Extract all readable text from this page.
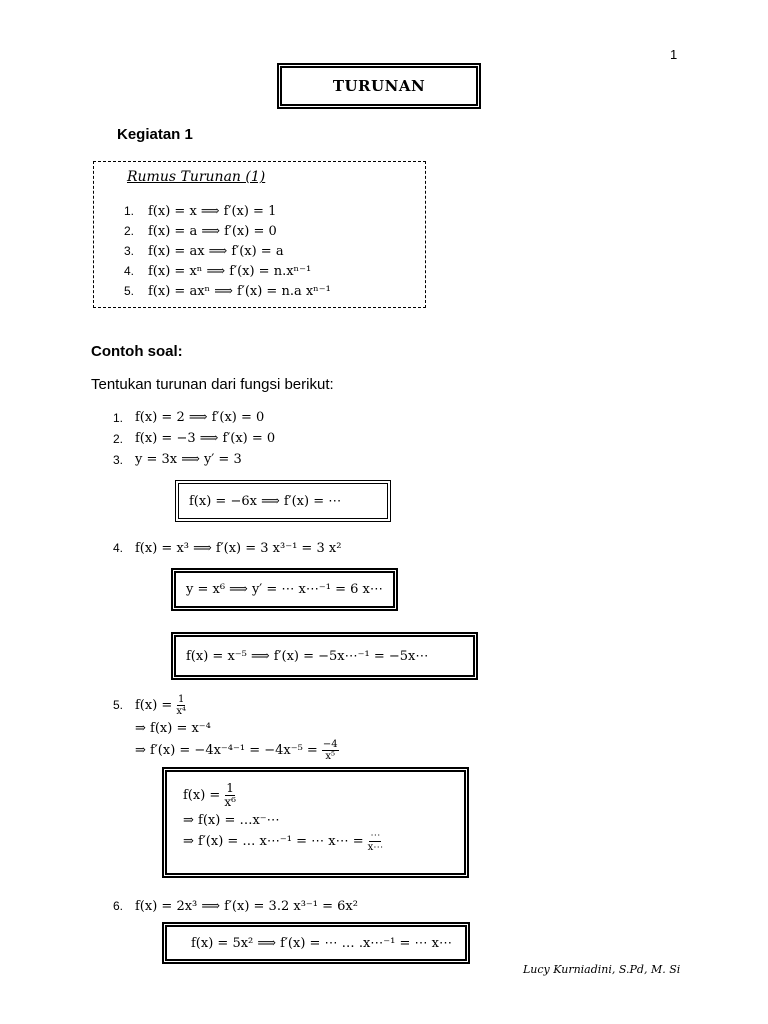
1
TURUNAN
Kegiatan 1
Rumus Turunan (1)
1.	f(x) = x ⟹ f′(x) = 1
2.	f(x) = a ⟹ f′(x) = 0
3.	f(x) = ax ⟹ f′(x) = a
4.	f(x) = xⁿ ⟹ f′(x) = n.xⁿ⁻¹
5.	f(x) = axⁿ ⟹ f′(x) = n.a xⁿ⁻¹
Contoh soal:
Tentukan turunan dari fungsi berikut:
1. f(x) = 2 ⟹ f′(x) = 0
2. f(x) = −3 ⟹ f′(x) = 0
3. y = 3x ⟹ y′ = 3
f(x) = −6x ⟹ f′(x) = ⋯
4. f(x) = x³ ⟹ f′(x) = 3 x³⁻¹ = 3 x²
y = x⁶ ⟹ y′ = ⋯ x⋯⁻¹ = 6 x⋯
f(x) = x⁻⁵ ⟹ f′(x) = −5x⋯⁻¹ = −5x⋯
5. $f(x) = \frac{1}{\text{x⁴}}$
⇒ f(x) = x⁻⁴
⇒ $f'(x) = -4x^{-4-1} = -4x^{-5} = \frac{-4}{\text{x⁵}}$
$f(x) = \frac{1}{\text{x⁶}}$
⇒ f(x) = …x⁻⋯
⇒ f′(x) = … x⋯⁻¹ = ⋯ x⋯ = $\frac{\cdots}{x\cdots}$
6. f(x) = 2x³ ⟹ f′(x) = 3.2 x³⁻¹ = 6x²
f(x) = 5x² ⟹ f′(x) = ⋯ … .x⋯⁻¹ = ⋯ x⋯
Lucy Kurniadini, S.Pd, M. Si
